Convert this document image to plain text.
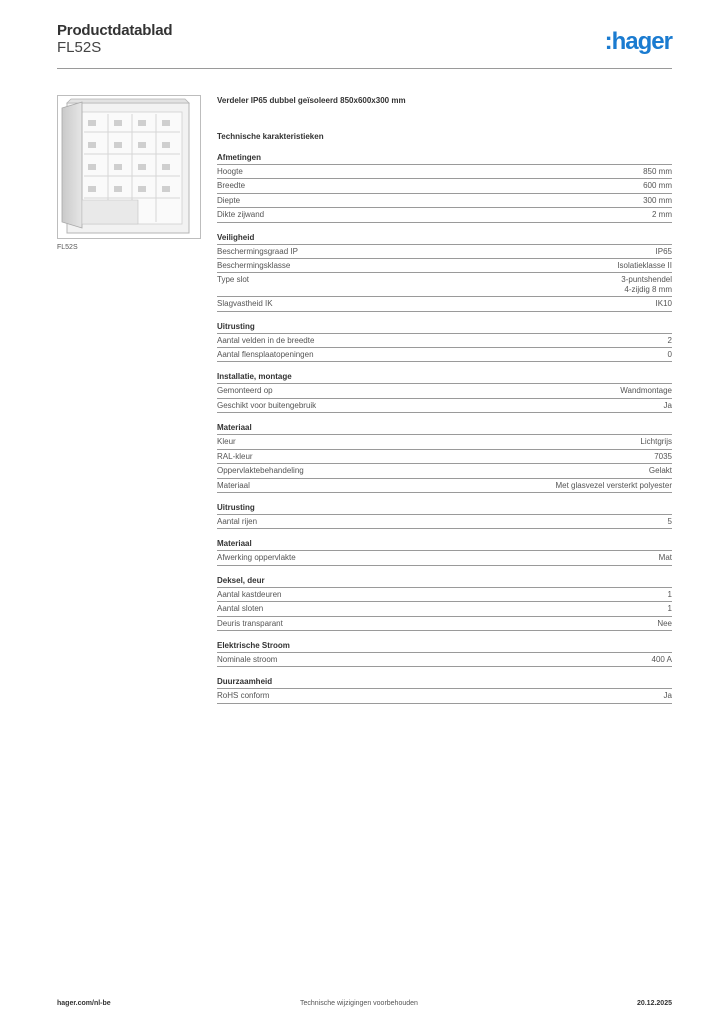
Productdatablad
FL52S	:hager
FL52S
Verdeler IP65 dubbel geïsoleerd 850x600x300 mm
Technische karakteristieken
Afmetingen
Hoogte	850 mm
Breedte	600 mm
Diepte	300 mm
Dikte zijwand	2 mm
Veiligheid
Beschermingsgraad IP	IP65
Beschermingsklasse	Isolatieklasse II
Type slot	3-puntshendel
4-zijdig 8 mm
Slagvastheid IK	IK10
Uitrusting
Aantal velden in de breedte	2
Aantal flensplaatopeningen	0
Installatie, montage
Gemonteerd op	Wandmontage
Geschikt voor buitengebruik	Ja
Materiaal
Kleur	Lichtgrijs
RAL-kleur	7035
Oppervlaktebehandeling	Gelakt
Materiaal	Met glasvezel versterkt polyester
Uitrusting
Aantal rijen	5
Materiaal
Afwerking oppervlakte	Mat
Deksel, deur
Aantal kastdeuren	1
Aantal sloten	1
Deuris transparant	Nee
Elektrische Stroom
Nominale stroom	400 A
Duurzaamheid
RoHS conform	Ja
hager.com/nl-be	Technische wijzigingen voorbehouden	20.12.2025
